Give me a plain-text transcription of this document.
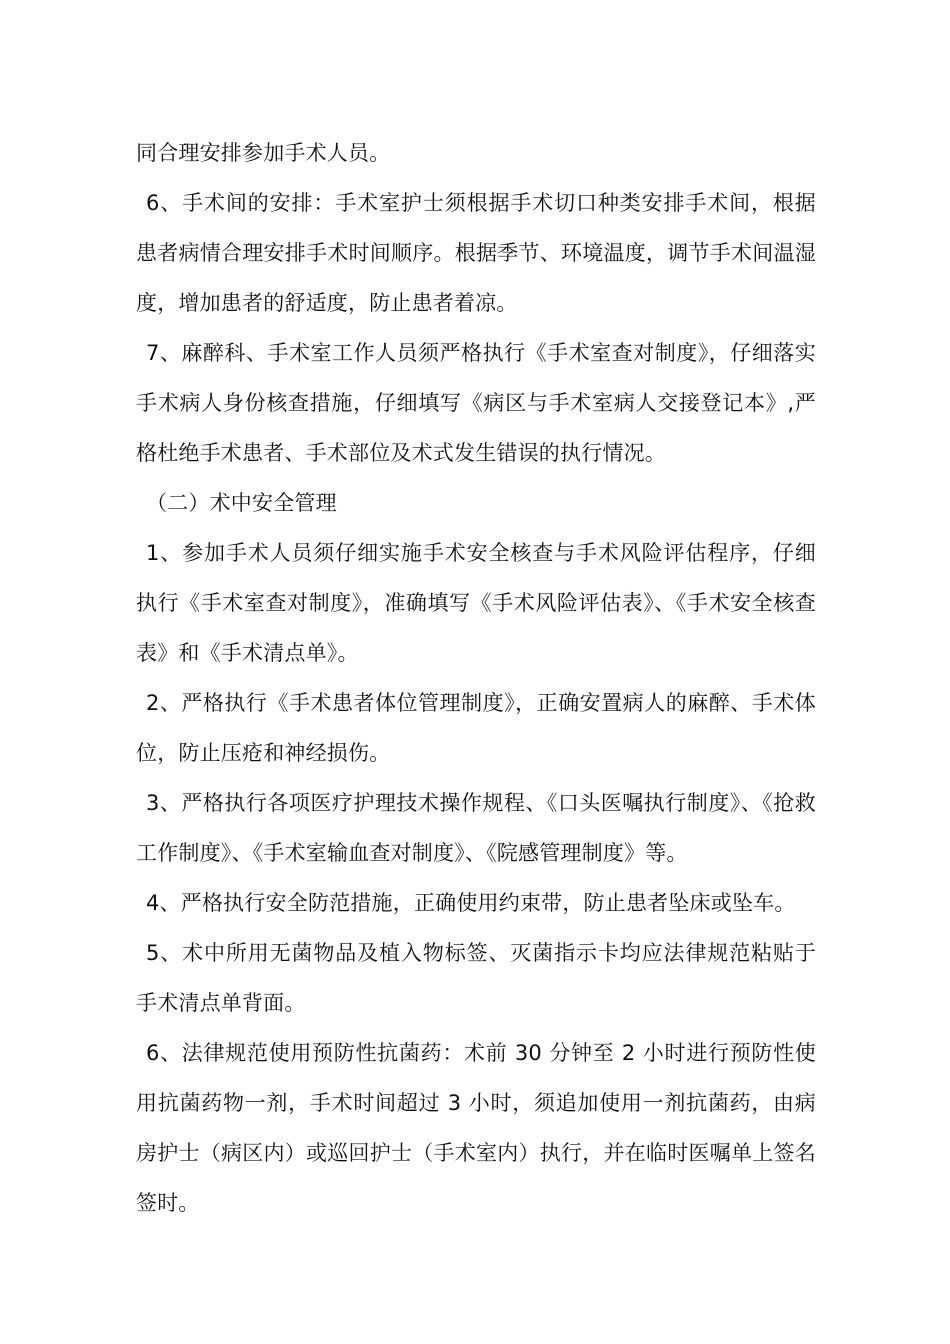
同合理安排参加手术人员。

6、手术间的安排：手术室护士须根据手术切口种类安排手术间，根据患者病情合理安排手术时间顺序。根据季节、环境温度，调节手术间温湿度，增加患者的舒适度，防止患者着凉。

7、麻醉科、手术室工作人员须严格执行《手术室查对制度》，仔细落实手术病人身份核查措施，仔细填写《病区与手术室病人交接登记本》,严格杜绝手术患者、手术部位及术式发生错误的执行情况。

（二）术中安全管理

1、参加手术人员须仔细实施手术安全核查与手术风险评估程序，仔细执行《手术室查对制度》，准确填写《手术风险评估表》、《手术安全核查表》和《手术清点单》。

2、严格执行《手术患者体位管理制度》，正确安置病人的麻醉、手术体位，防止压疮和神经损伤。

3、严格执行各项医疗护理技术操作规程、《口头医嘱执行制度》、《抢救工作制度》、《手术室输血查对制度》、《院感管理制度》等。

4、严格执行安全防范措施，正确使用约束带，防止患者坠床或坠车。

5、术中所用无菌物品及植入物标签、灭菌指示卡均应法律规范粘贴于手术清点单背面。

6、法律规范使用预防性抗菌药：术前 30 分钟至 2 小时进行预防性使用抗菌药物一剂，手术时间超过 3 小时，须追加使用一剂抗菌药，由病房护士（病区内）或巡回护士（手术室内）执行，并在临时医嘱单上签名签时。
